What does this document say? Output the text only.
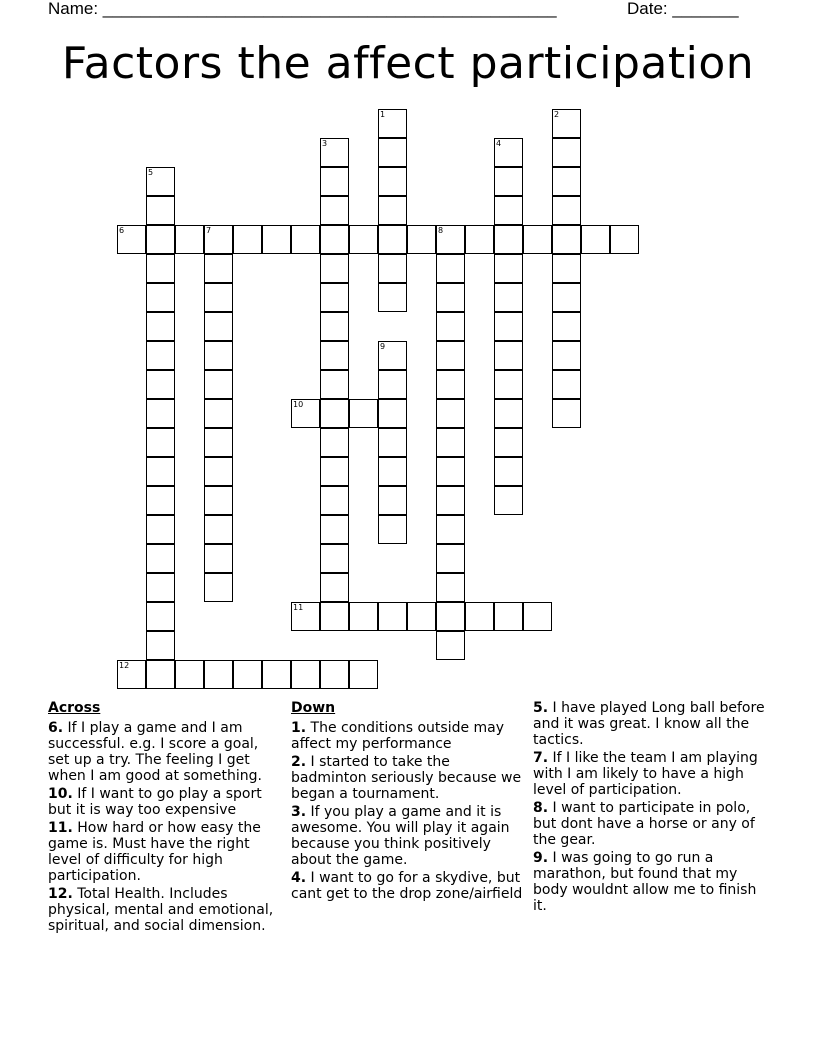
Name: ________________________________________________	Date: _______
Factors the affect participation
1	2
3	4
5
6	7	8
9
10
11
12
Across
6. If I play a game and I am successful. e.g. I score a goal, set up a try. The feeling I get when I am good at something.
10. If I want to go play a sport but it is way too expensive
11. How hard or how easy the game is. Must have the right level of difficulty for high participation.
12. Total Health. Includes physical, mental and emotional, spiritual, and social dimension.
Down
1. The conditions outside may affect my performance
2. I started to take the badminton seriously because we began a tournament.
3. If you play a game and it is awesome. You will play it again because you think positively about the game.
4. I want to go for a skydive, but cant get to the drop zone/airfield
5. I have played Long ball before and it was great. I know all the tactics.
7. If I like the team I am playing with I am likely to have a high level of participation.
8. I want to participate in polo, but dont have a horse or any of the gear.
9. I was going to go run a marathon, but found that my body wouldnt allow me to finish it.
